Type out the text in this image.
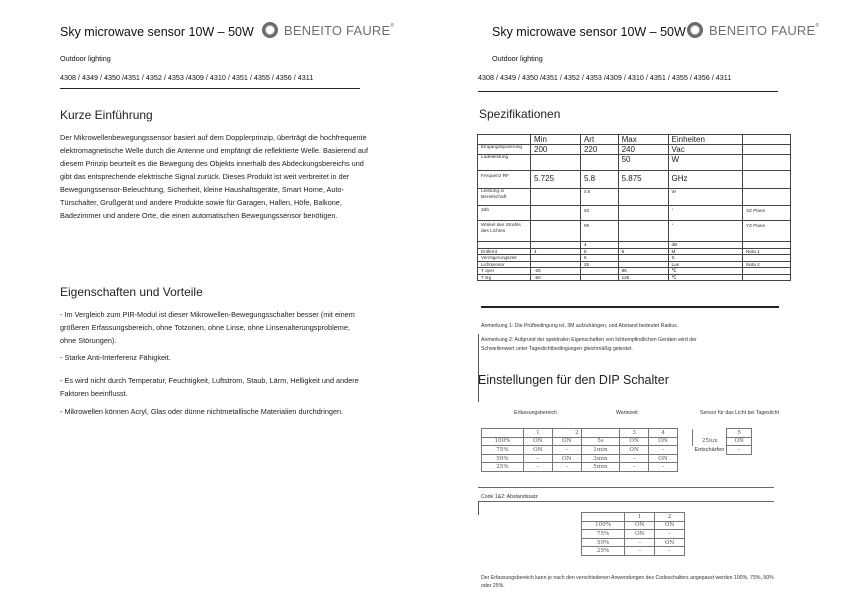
Sky microwave sensor 10W – 50W BENEITO FAURE®
Outdoor lighting
4308 / 4349 / 4350 /4351 / 4352 / 4353 /4309 / 4310 / 4351 / 4355 / 4356 / 4311
Kurze Einführung
Der Mikrowellenbewegungssensor basiert auf dem Dopplerprinzip, überträgt die hochfrequente elektromagnetische Welle durch die Antenne und empfängt die reflektierte Welle. Basierend auf diesem Prinzip beurteilt es die Bewegung des Objekts innerhalb des Abdeckungsbereichs und gibt das entsprechende elektrische Signal zurück. Dieses Produkt ist weit verbreitet in der Bewegungssensor-Beleuchtung, Sicherheit, kleine Haushaltsgeräte, Smart Home, Auto-Türschalter, Grußgerät und andere Produkte sowie für Garagen, Hallen, Höfe, Balkone, Badezimmer und andere Orte, die einen automatischen Bewegungssensor benötigen.
Eigenschaften und Vorteile
- Im Vergleich zum PIR-Modul ist dieser Mikrowellen-Bewegungsschalter besser (mit einem größeren Erfassungsbereich, ohne Totzonen, ohne Linse, ohne Linsenalterungsprobleme, ohne Störungen).
- Starke Anti-Interferenz Fähigkeit.
- Es wird nicht durch Temperatur, Feuchtigkeit, Luftstrom, Staub, Lärm, Helligkeit und andere Faktoren beeinflusst.
- Mikrowellen können Acryl, Glas oder dünne nichtmetallische Materialien durchdringen.
Sky microwave sensor 10W – 50W BENEITO FAURE®
Outdoor lighting
4308 / 4349 / 4350 /4351 / 4352 / 4353 /4309 / 4310 / 4351 / 4355 / 4356 / 4311
Spezifikationen
	Min	Art	Max	Einheiten	
Eingangsspannung	200	220	240	Vac	
Ladeleistung			50	W	
Frequenz RF	5.725	5.8	5.875	GHz	
Leistung in Bereitschaft		0.5		W	
3db		93		°	XZ Plane
Winkel des Strahls des Lichtes		99		°	YZ Plane
		4		dB	
Entfernt	4	5	6	M	Nota 1
Verzögerungszeit		6		S	
Lichtsensor		25		Lux	Nota 2
T oper	-25		85	℃	
T stg	-50		125	℃	
Anmerkung 1: Die Prüfbedingung ist, 3M aufzuhängen, und Abstand bedeutet Radius.
Anmerkung 2: Aufgrund der spektralen Eigenschaften von lichtempfindlichen Geräten wird der Schwellenwert unter Tageslichtbedingungen gleichmäßig getestet.
Einstellungen für den DIP Schalter
Erfassungsbereich	Wartezeit	Sensor für das Licht bei Tageslicht
	1	2		3	4
100%	ON	ON	5s	ON	ON
75%	ON	–	1min	ON	–
50%	–	ON	3min	–	ON
25%	–	–	5min	–	–
	5
25lux	ON
Entschärfen	–
Code 1&2: Abstandssatz
	1	2
100%	ON	ON
75%	ON	–
50%	–	ON
25%	–	–
Der Erfassungsbereich kann je nach den verschiedenen Anwendungen des Codeschalters angepasst werden 100%, 75%, 50% oder 25%.
